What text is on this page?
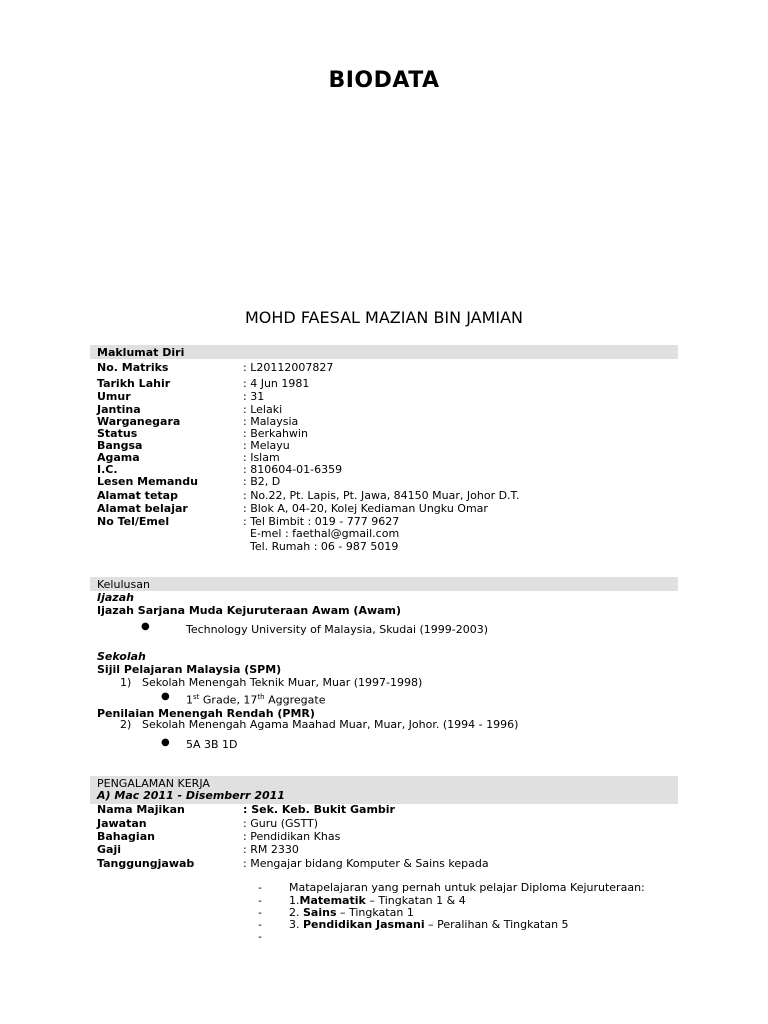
BIODATA
MOHD FAESAL MAZIAN BIN JAMIAN
Maklumat Diri
No. Matriks	: L20112007827
Tarikh Lahir	: 4 Jun 1981
Umur	: 31
Jantina	: Lelaki
Warganegara	: Malaysia
Status	: Berkahwin
Bangsa	: Melayu
Agama	: Islam
I.C.	: 810604-01-6359
Lesen Memandu	: B2, D
Alamat tetap	: No.22, Pt. Lapis, Pt. Jawa, 84150 Muar, Johor D.T.
Alamat belajar	: Blok A, 04-20, Kolej Kediaman Ungku Omar
No Tel/Emel	: Tel Bimbit : 019 - 777 9627
E-mel : faethal@gmail.com
Tel. Rumah : 06 - 987 5019
Kelulusan
Ijazah
Ijazah Sarjana Muda Kejuruteraan Awam (Awam)
●	Technology University of Malaysia, Skudai (1999-2003)
Sekolah
Sijil Pelajaran Malaysia (SPM)
1) Sekolah Menengah Teknik Muar, Muar (1997-1998)
● 1st Grade, 17th Aggregate
Penilaian Menengah Rendah (PMR)
2) Sekolah Menengah Agama Maahad Muar, Muar, Johor. (1994 - 1996)
● 5A 3B 1D
PENGALAMAN KERJA
A) Mac 2011 - Disemberr 2011
Nama Majikan	: Sek. Keb. Bukit Gambir
Jawatan	: Guru (GSTT)
Bahagian	: Pendidikan Khas
Gaji	: RM 2330
Tanggungjawab	: Mengajar bidang Komputer & Sains kepada
- Matapelajaran yang pernah untuk pelajar Diploma Kejuruteraan:
- 1.Matematik – Tingkatan 1 & 4
- 2. Sains – Tingkatan 1
- 3. Pendidikan Jasmani – Peralihan & Tingkatan 5
-
